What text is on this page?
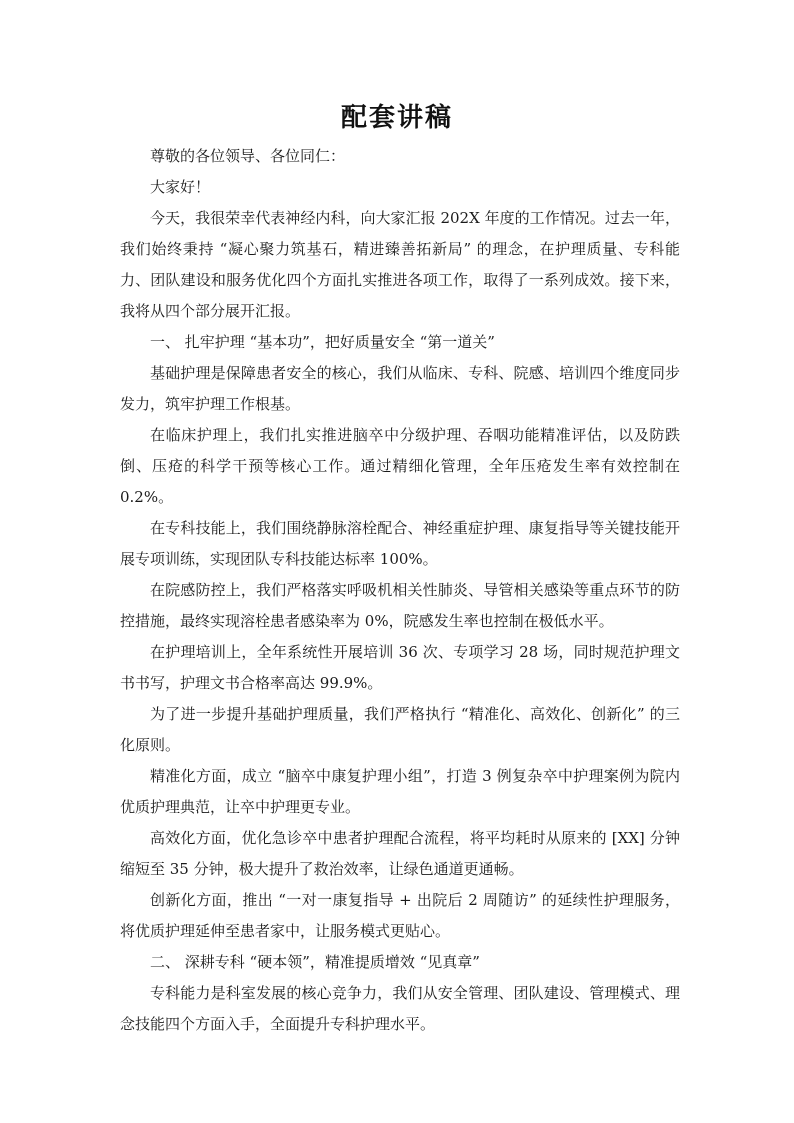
配套讲稿

尊敬的各位领导、各位同仁：

大家好！

今天，我很荣幸代表神经内科，向大家汇报 202X 年度的工作情况。过去一年，我们始终秉持 “凝心聚力筑基石，精进臻善拓新局” 的理念，在护理质量、专科能力、团队建设和服务优化四个方面扎实推进各项工作，取得了一系列成效。接下来，我将从四个部分展开汇报。

一、 扎牢护理 “基本功”，把好质量安全 “第一道关”

基础护理是保障患者安全的核心，我们从临床、专科、院感、培训四个维度同步发力，筑牢护理工作根基。

在临床护理上，我们扎实推进脑卒中分级护理、吞咽功能精准评估，以及防跌倒、压疮的科学干预等核心工作。通过精细化管理，全年压疮发生率有效控制在 0.2%。

在专科技能上，我们围绕静脉溶栓配合、神经重症护理、康复指导等关键技能开展专项训练，实现团队专科技能达标率 100%。

在院感防控上，我们严格落实呼吸机相关性肺炎、导管相关感染等重点环节的防控措施，最终实现溶栓患者感染率为 0%，院感发生率也控制在极低水平。

在护理培训上，全年系统性开展培训 36 次、专项学习 28 场，同时规范护理文书书写，护理文书合格率高达 99.9%。

为了进一步提升基础护理质量，我们严格执行 “精准化、高效化、创新化” 的三化原则。

精准化方面，成立 “脑卒中康复护理小组”，打造 3 例复杂卒中护理案例为院内优质护理典范，让卒中护理更专业。

高效化方面，优化急诊卒中患者护理配合流程，将平均耗时从原来的 [XX] 分钟缩短至 35 分钟，极大提升了救治效率，让绿色通道更通畅。

创新化方面，推出 “一对一康复指导 + 出院后 2 周随访” 的延续性护理服务，将优质护理延伸至患者家中，让服务模式更贴心。

二、 深耕专科 “硬本领”，精准提质增效 “见真章”

专科能力是科室发展的核心竞争力，我们从安全管理、团队建设、管理模式、理念技能四个方面入手，全面提升专科护理水平。
